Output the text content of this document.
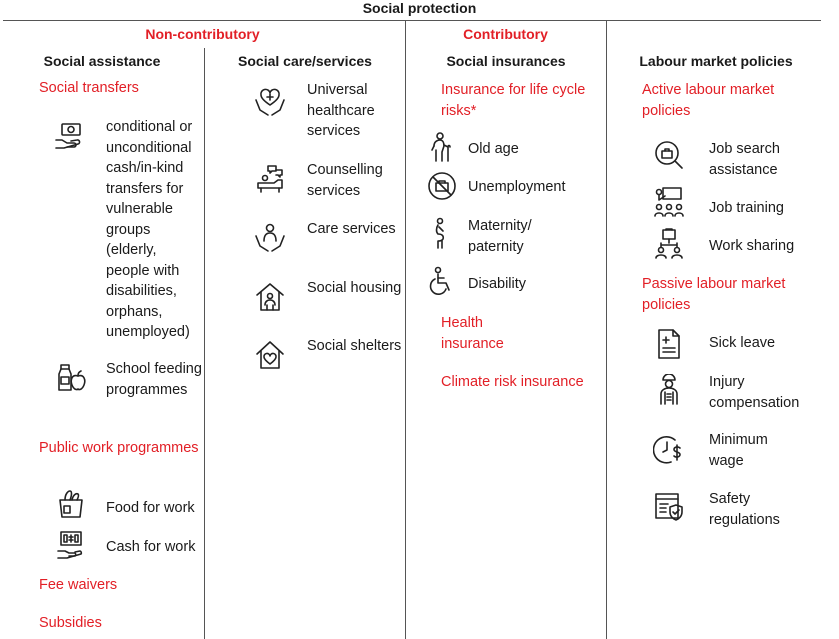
Social protection
Non-contributory	Contributory
Social assistance	Social care/services	Social insurances	Labour market policies
Social transfers
conditional or unconditional cash/in-kind transfers for vulnerable groups (elderly, people with disabilities, orphans, unemployed)
School feeding programmes
Public work programmes
Food for work
Cash for work
Fee waivers
Subsidies
Universal healthcare services
Counselling services
Care services
Social housing
Social shelters
Insurance for life cycle risks*
Old age
Unemployment
Maternity/ paternity
Disability
Health insurance
Climate risk insurance
Active labour market policies
Job search assistance
Job training
Work sharing
Passive labour market policies
Sick leave
Injury compensation
Minimum wage
Safety regulations
